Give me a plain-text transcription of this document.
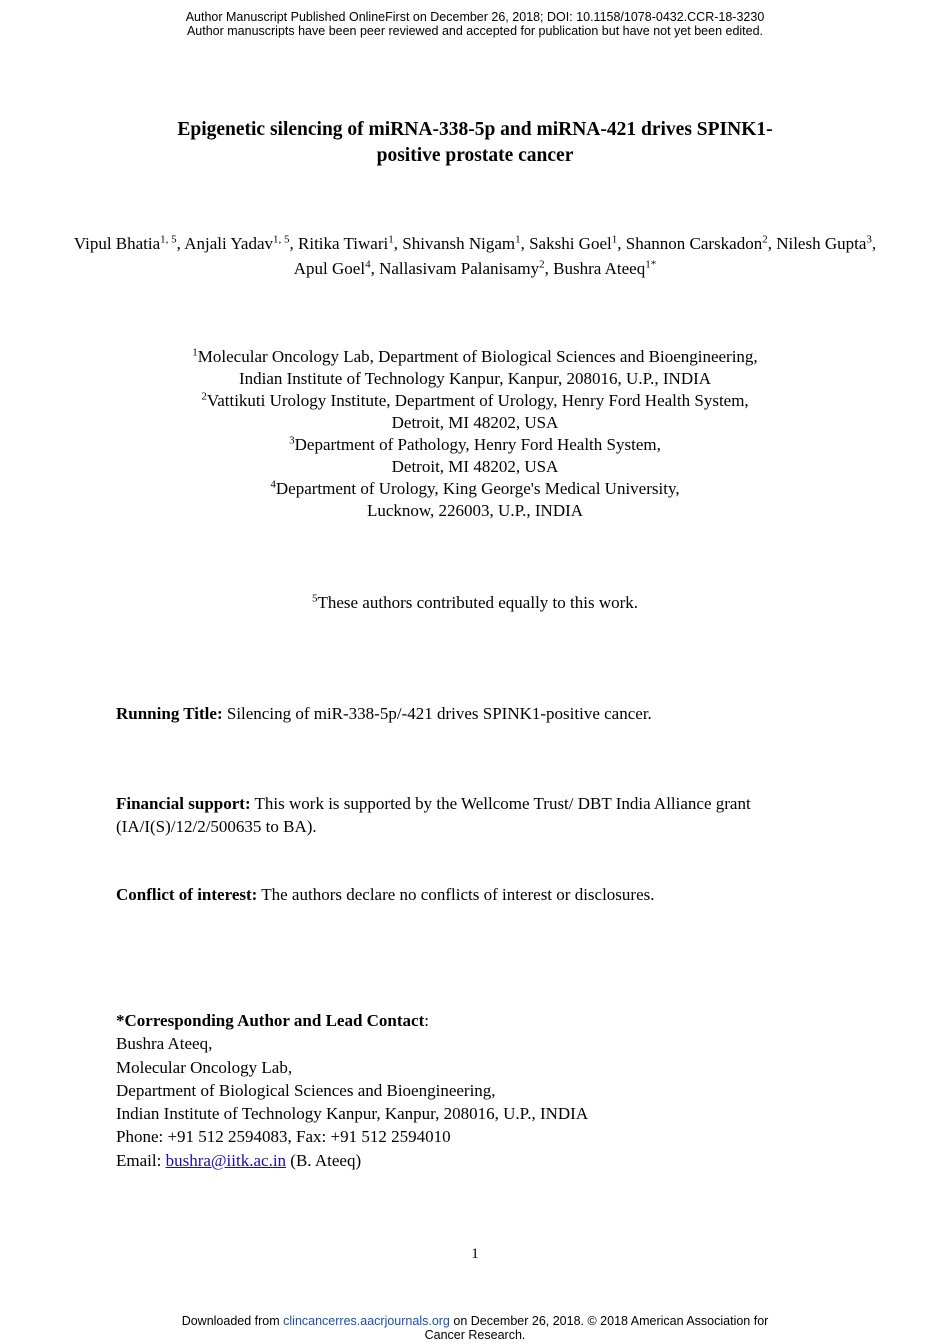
Author Manuscript Published OnlineFirst on December 26, 2018; DOI: 10.1158/1078-0432.CCR-18-3230
Author manuscripts have been peer reviewed and accepted for publication but have not yet been edited.
Epigenetic silencing of miRNA-338-5p and miRNA-421 drives SPINK1-
positive prostate cancer
Vipul Bhatia$^{1, 5}$, Anjali Yadav$^{1, 5}$, Ritika Tiwari$^1$, Shivansh Nigam$^1$, Sakshi Goel$^1$, Shannon Carskadon$^2$, Nilesh Gupta$^3$, Apul Goel$^4$, Nallasivam Palanisamy$^2$, Bushra Ateeq$^{1*}$
$^1$Molecular Oncology Lab, Department of Biological Sciences and Bioengineering,
Indian Institute of Technology Kanpur, Kanpur, 208016, U.P., INDIA
$^2$Vattikuti Urology Institute, Department of Urology, Henry Ford Health System,
Detroit, MI 48202, USA
$^3$Department of Pathology, Henry Ford Health System,
Detroit, MI 48202, USA
$^4$Department of Urology, King George's Medical University,
Lucknow, 226003, U.P., INDIA
$^5$These authors contributed equally to this work.
Running Title: Silencing of miR-338-5p/-421 drives SPINK1-positive cancer.
Financial support: This work is supported by the Wellcome Trust/ DBT India Alliance grant (IA/I(S)/12/2/500635 to BA).
Conflict of interest: The authors declare no conflicts of interest or disclosures.
*Corresponding Author and Lead Contact:
Bushra Ateeq,
Molecular Oncology Lab,
Department of Biological Sciences and Bioengineering,
Indian Institute of Technology Kanpur, Kanpur, 208016, U.P., INDIA
Phone: +91 512 2594083, Fax: +91 512 2594010
Email: bushra@iitk.ac.in (B. Ateeq)
1
Downloaded from clincancerres.aacrjournals.org on December 26, 2018. © 2018 American Association for
Cancer Research.
